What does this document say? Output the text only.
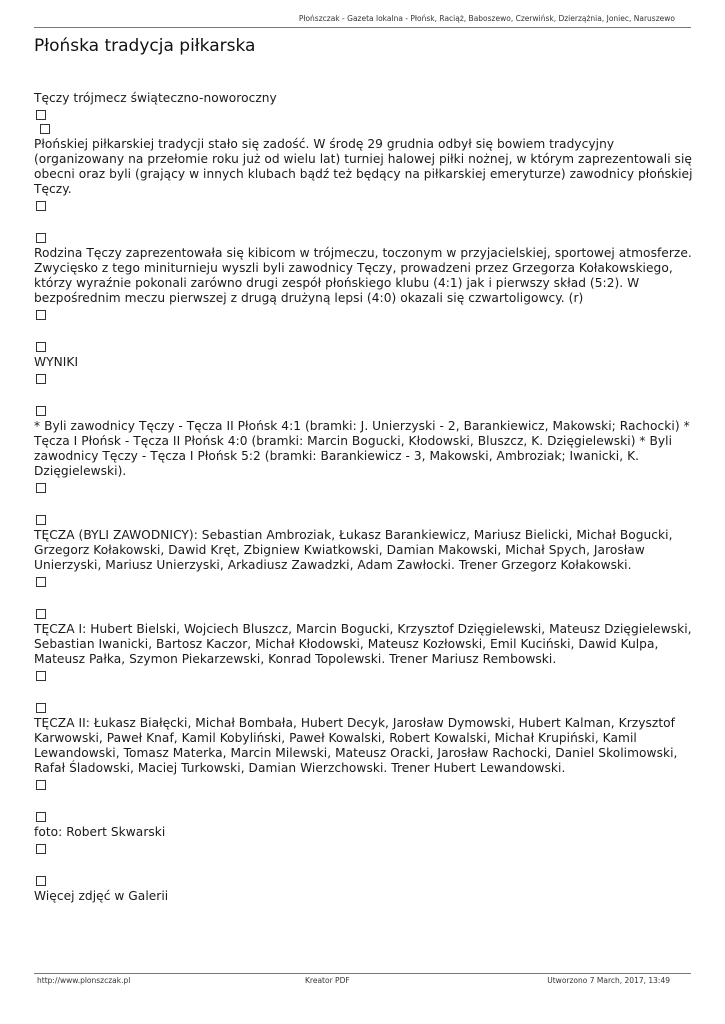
Płońszczak - Gazeta lokalna - Płońsk, Raciąż, Baboszewo, Czerwińsk, Dzierzążnia, Joniec, Naruszewo
Płońska tradycja piłkarska
Tęczy trójmecz świąteczno-noworoczny

Płońskiej piłkarskiej tradycji stało się zadość. W środę 29 grudnia odbył się bowiem tradycyjny (organizowany na przełomie roku już od wielu lat) turniej halowej piłki nożnej, w którym zaprezentowali się obecni oraz byli (grający w innych klubach bądź też będący na piłkarskiej emeryturze) zawodnicy płońskiej Tęczy.

Rodzina Tęczy zaprezentowała się kibicom w trójmeczu, toczonym w przyjacielskiej, sportowej atmosferze. Zwycięsko z tego miniturnieju wyszli byli zawodnicy Tęczy, prowadzeni przez Grzegorza Kołakowskiego, którzy wyraźnie pokonali zarówno drugi zespół płońskiego klubu (4:1) jak i pierwszy skład (5:2). W bezpośrednim meczu pierwszej z drugą drużyną lepsi (4:0) okazali się czwartoligowcy. (r)

WYNIKI

* Byli zawodnicy Tęczy - Tęcza II Płońsk 4:1 (bramki: J. Unierzyski - 2, Barankiewicz, Makowski; Rachocki) * Tęcza I Płońsk - Tęcza II Płońsk 4:0 (bramki: Marcin Bogucki, Kłodowski, Bluszcz, K. Dzięgielewski) * Byli zawodnicy Tęczy - Tęcza I Płońsk 5:2 (bramki: Barankiewicz - 3, Makowski, Ambroziak; Iwanicki, K. Dzięgielewski).

TĘCZA (BYLI ZAWODNICY): Sebastian Ambroziak, Łukasz Barankiewicz, Mariusz Bielicki, Michał Bogucki, Grzegorz Kołakowski, Dawid Kręt, Zbigniew Kwiatkowski, Damian Makowski, Michał Spych, Jarosław Unierzyski, Mariusz Unierzyski, Arkadiusz Zawadzki, Adam Zawłocki. Trener Grzegorz Kołakowski.

TĘCZA I: Hubert Bielski, Wojciech Bluszcz, Marcin Bogucki, Krzysztof Dzięgielewski, Mateusz Dzięgielewski, Sebastian Iwanicki, Bartosz Kaczor, Michał Kłodowski, Mateusz Kozłowski, Emil Kuciński, Dawid Kulpa, Mateusz Pałka, Szymon Piekarzewski, Konrad Topolewski. Trener Mariusz Rembowski.

TĘCZA II: Łukasz Białęcki, Michał Bombała, Hubert Decyk, Jarosław Dymowski, Hubert Kalman, Krzysztof Karwowski, Paweł Knaf, Kamil Kobyliński, Paweł Kowalski, Robert Kowalski, Michał Krupiński, Kamil Lewandowski, Tomasz Materka, Marcin Milewski, Mateusz Oracki, Jarosław Rachocki, Daniel Skolimowski, Rafał Śladowski, Maciej Turkowski, Damian Wierzchowski. Trener Hubert Lewandowski.

foto: Robert Skwarski
Więcej zdjęć w Galerii
http://www.plonszczak.pl	Kreator PDF	Utworzono 7 March, 2017, 13:49
